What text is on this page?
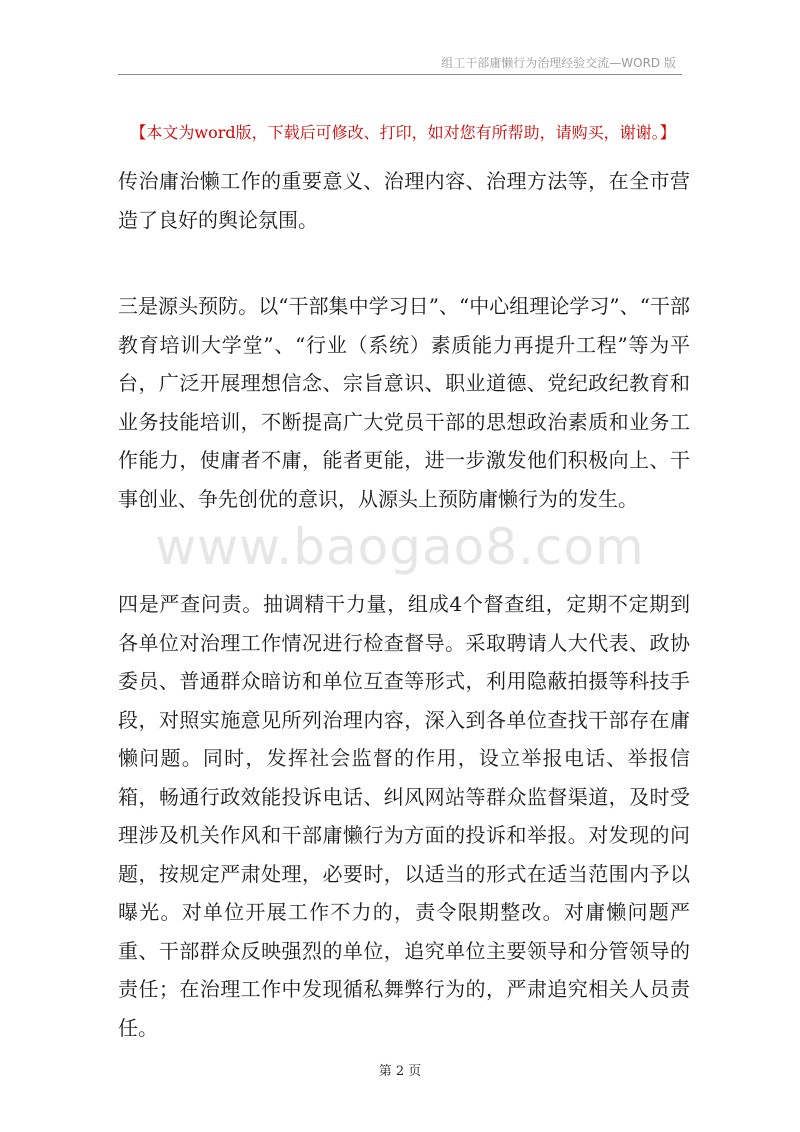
组工干部庸懒行为治理经验交流—WORD 版
【本文为word版，下载后可修改、打印，如对您有所帮助，请购买，谢谢。】

传治庸治懒工作的重要意义、治理内容、治理方法等，在全市营造了良好的舆论氛围。

三是源头预防。以“干部集中学习日”、“中心组理论学习”、“干部教育培训大学堂”、“行业（系统）素质能力再提升工程”等为平台，广泛开展理想信念、宗旨意识、职业道德、党纪政纪教育和业务技能培训，不断提高广大党员干部的思想政治素质和业务工作能力，使庸者不庸，能者更能，进一步激发他们积极向上、干事创业、争先创优的意识，从源头上预防庸懒行为的发生。

www.baogao8.com

四是严查问责。抽调精干力量，组成4个督查组，定期不定期到各单位对治理工作情况进行检查督导。采取聘请人大代表、政协委员、普通群众暗访和单位互查等形式，利用隐蔽拍摄等科技手段，对照实施意见所列治理内容，深入到各单位查找干部存在庸懒问题。同时，发挥社会监督的作用，设立举报电话、举报信箱，畅通行政效能投诉电话、纠风网站等群众监督渠道，及时受理涉及机关作风和干部庸懒行为方面的投诉和举报。对发现的问题，按规定严肃处理，必要时，以适当的形式在适当范围内予以曝光。对单位开展工作不力的，责令限期整改。对庸懒问题严重、干部群众反映强烈的单位，追究单位主要领导和分管领导的责任；在治理工作中发现循私舞弊行为的，严肃追究相关人员责任。

第 2 页
